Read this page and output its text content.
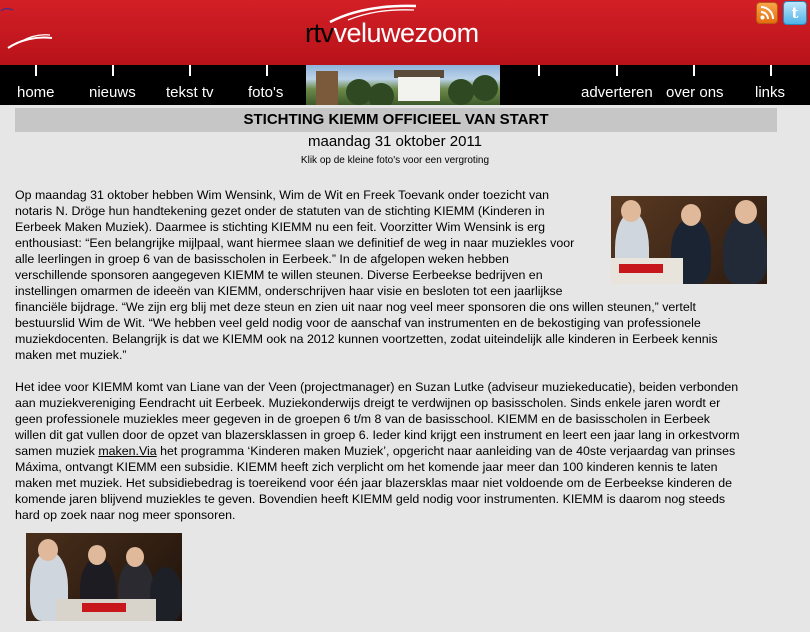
rtvveluwezoom
t
home nieuws tekst tv foto's	adverteren over ons links
STICHTING KIEMM OFFICIEEL VAN START
maandag 31 oktober 2011
Klik op de kleine foto's voor een vergroting

Op maandag 31 oktober hebben Wim Wensink, Wim de Wit en Freek Toevank onder toezicht van
notaris N. Dröge hun handtekening gezet onder de statuten van de stichting KIEMM (Kinderen in
Eerbeek Maken Muziek). Daarmee is stichting KIEMM nu een feit. Voorzitter Wim Wensink is erg
enthousiast: “Een belangrijke mijlpaal, want hiermee slaan we definitief de weg in naar muziekles voor
alle leerlingen in groep 6 van de basisscholen in Eerbeek.” In de afgelopen weken hebben
verschillende sponsoren aangegeven KIEMM te willen steunen. Diverse Eerbeekse bedrijven en
instellingen omarmen de ideeën van KIEMM, onderschrijven haar visie en besloten tot een jaarlijkse
financiële bijdrage. “We zijn erg blij met deze steun en zien uit naar nog veel meer sponsoren die ons willen steunen,” vertelt
bestuurslid Wim de Wit. “We hebben veel geld nodig voor de aanschaf van instrumenten en de bekostiging van professionele
muziekdocenten. Belangrijk is dat we KIEMM ook na 2012 kunnen voortzetten, zodat uiteindelijk alle kinderen in Eerbeek kennis
maken met muziek.”

Het idee voor KIEMM komt van Liane van der Veen (projectmanager) en Suzan Lutke (adviseur muziekeducatie), beiden verbonden
aan muziekvereniging Eendracht uit Eerbeek. Muziekonderwijs dreigt te verdwijnen op basisscholen. Sinds enkele jaren wordt er
geen professionele muziekles meer gegeven in de groepen 6 t/m 8 van de basisschool. KIEMM en de basisscholen in Eerbeek
willen dit gat vullen door de opzet van blazersklassen in groep 6. Ieder kind krijgt een instrument en leert een jaar lang in orkestvorm
samen muziek maken.Via het programma ‘Kinderen maken Muziek’, opgericht naar aanleiding van de 40ste verjaardag van prinses
Máxima, ontvangt KIEMM een subsidie. KIEMM heeft zich verplicht om het komende jaar meer dan 100 kinderen kennis te laten
maken met muziek. Het subsidiebedrag is toereikend voor één jaar blazersklas maar niet voldoende om de Eerbeekse kinderen de
komende jaren blijvend muziekles te geven. Bovendien heeft KIEMM geld nodig voor instrumenten. KIEMM is daarom nog steeds
hard op zoek naar nog meer sponsoren.
